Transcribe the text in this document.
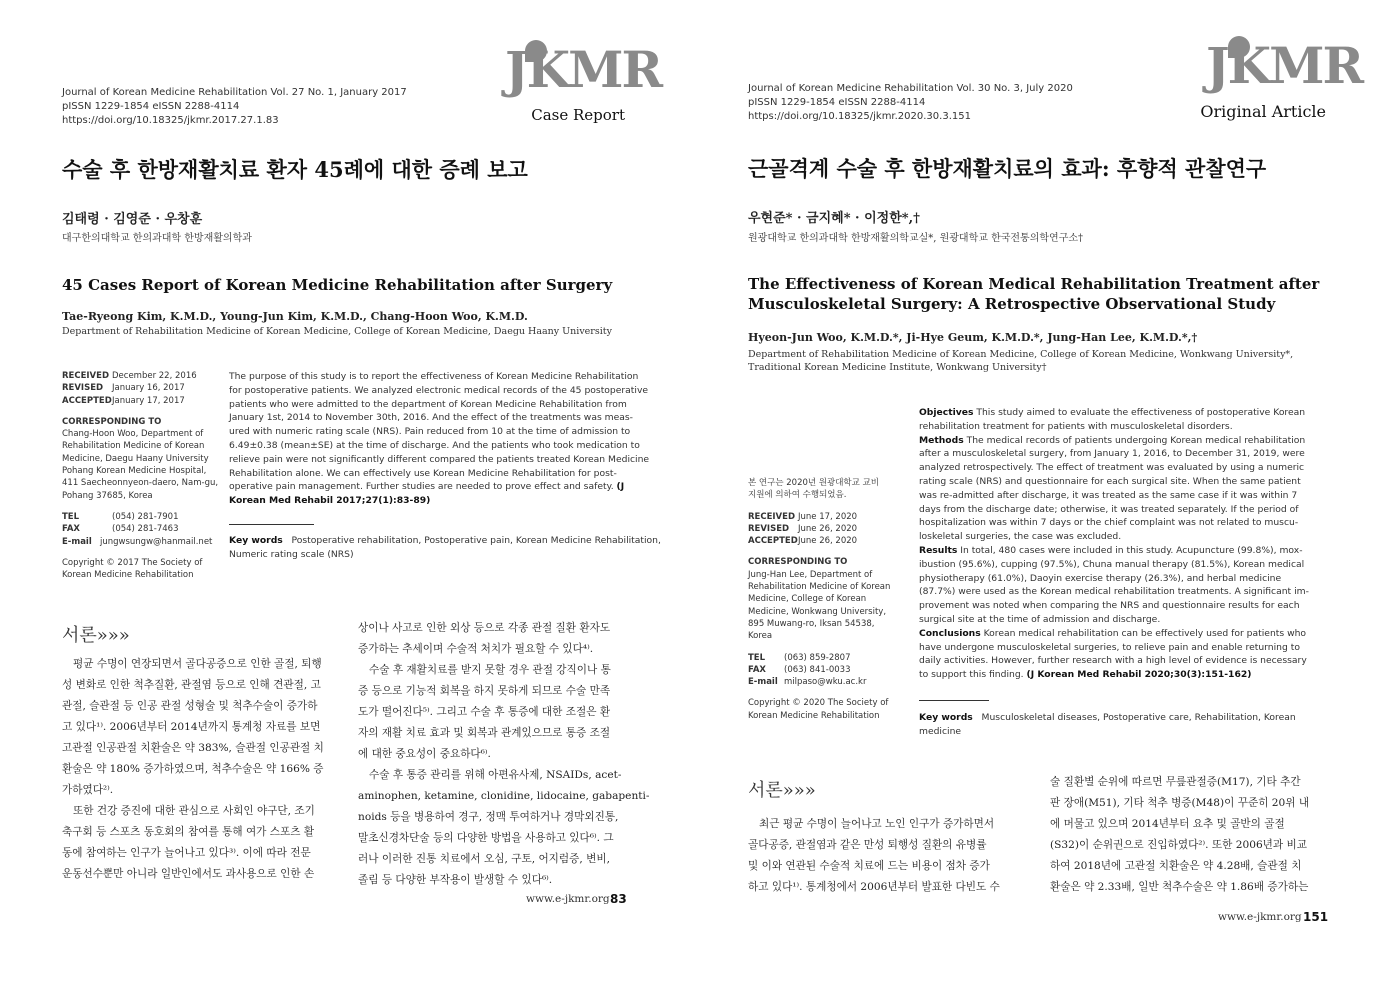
Journal of Korean Medicine Rehabilitation Vol. 27 No. 1, January 2017
pISSN 1229-1854 eISSN 2288-4114
https://doi.org/10.18325/jkmr.2017.27.1.83
JKMR
Case Report
수술 후 한방재활치료 환자 45례에 대한 증례 보고
김태령 · 김영준 · 우창훈
대구한의대학교 한의과대학 한방재활의학과
45 Cases Report of Korean Medicine Rehabilitation after Surgery
Tae-Ryeong Kim, K.M.D., Young-Jun Kim, K.M.D., Chang-Hoon Woo, K.M.D.
Department of Rehabilitation Medicine of Korean Medicine, College of Korean Medicine, Daegu Haany University
RECEIVED December 22, 2016
REVISED January 16, 2017
ACCEPTEDJanuary 17, 2017
CORRESPONDING TO
Chang-Hoon Woo, Department of
Rehabilitation Medicine of Korean
Medicine, Daegu Haany University
Pohang Korean Medicine Hospital,
411 Saecheonnyeon-daero, Nam-gu,
Pohang 37685, Korea
TEL	(054) 281-7901
FAX	(054) 281-7463
E-mail jungwsungw@hanmail.net
Copyright © 2017 The Society of
Korean Medicine Rehabilitation
The purpose of this study is to report the effectiveness of Korean Medicine Rehabilitation
for postoperative patients. We analyzed electronic medical records of the 45 postoperative
patients who were admitted to the department of Korean Medicine Rehabilitation from
January 1st, 2014 to November 30th, 2016. And the effect of the treatments was meas-
ured with numeric rating scale (NRS). Pain reduced from 10 at the time of admission to
6.49±0.38 (mean±SE) at the time of discharge. And the patients who took medication to
relieve pain were not significantly different compared the patients treated Korean Medicine
Rehabilitation alone. We can effectively use Korean Medicine Rehabilitation for post-
operative pain management. Further studies are needed to prove effect and safety. (J
Korean Med Rehabil 2017;27(1):83-89)
Key words Postoperative rehabilitation, Postoperative pain, Korean Medicine Rehabilitation,
Numeric rating scale (NRS)
서론»»»
평균 수명이 연장되면서 골다공증으로 인한 골절, 퇴행
성 변화로 인한 척추질환, 관절염 등으로 인해 견관절, 고
관절, 슬관절 등 인공 관절 성형술 및 척추수술이 증가하
고 있다¹⁾. 2006년부터 2014년까지 통계청 자료를 보면
고관절 인공관절 치환술은 약 383%, 슬관절 인공관절 치
환술은 약 180% 증가하였으며, 척추수술은 약 166% 증
가하였다²⁾.
또한 건강 증진에 대한 관심으로 사회인 야구단, 조기
축구회 등 스포츠 동호회의 참여를 통해 여가 스포츠 활
동에 참여하는 인구가 늘어나고 있다³⁾. 이에 따라 전문
운동선수뿐만 아니라 일반인에서도 과사용으로 인한 손
상이나 사고로 인한 외상 등으로 각종 관절 질환 환자도
증가하는 추세이며 수술적 처치가 필요할 수 있다⁴⁾.
수술 후 재활치료를 받지 못할 경우 관절 강직이나 통
증 등으로 기능적 회복을 하지 못하게 되므로 수술 만족
도가 떨어진다⁵⁾. 그리고 수술 후 통증에 대한 조절은 환
자의 재활 치료 효과 및 회복과 관계있으므로 통증 조절
에 대한 중요성이 중요하다⁶⁾.
수술 후 통증 관리를 위해 아편유사제, NSAIDs, acet-
aminophen, ketamine, clonidine, lidocaine, gabapenti-
noids 등을 병용하여 경구, 정맥 투여하거나 경막외진통,
말초신경차단술 등의 다양한 방법을 사용하고 있다⁶⁾. 그
러나 이러한 진통 치료에서 오심, 구토, 어지럼증, 변비,
졸림 등 다양한 부작용이 발생할 수 있다⁶⁾.
www.e-jkmr.org 83
Journal of Korean Medicine Rehabilitation Vol. 30 No. 3, July 2020
pISSN 1229-1854 eISSN 2288-4114
https://doi.org/10.18325/jkmr.2020.30.3.151
JKMR
Original Article
근골격계 수술 후 한방재활치료의 효과: 후향적 관찰연구
우현준* · 금지혜* · 이정한*,†
원광대학교 한의과대학 한방재활의학교실*, 원광대학교 한국전통의학연구소†
The Effectiveness of Korean Medical Rehabilitation Treatment after
Musculoskeletal Surgery: A Retrospective Observational Study
Hyeon-Jun Woo, K.M.D.*, Ji-Hye Geum, K.M.D.*, Jung-Han Lee, K.M.D.*,†
Department of Rehabilitation Medicine of Korean Medicine, College of Korean Medicine, Wonkwang University*,
Traditional Korean Medicine Institute, Wonkwang University†
본 연구는 2020년 원광대학교 교비
지원에 의하여 수행되었음.
RECEIVED June 17, 2020
REVISED June 26, 2020
ACCEPTEDJune 26, 2020
CORRESPONDING TO
Jung-Han Lee, Department of
Rehabilitation Medicine of Korean
Medicine, College of Korean
Medicine, Wonkwang University,
895 Muwang-ro, Iksan 54538,
Korea
TEL (063) 859-2807
FAX (063) 841-0033
E-mail milpaso@wku.ac.kr
Copyright © 2020 The Society of
Korean Medicine Rehabilitation
Objectives This study aimed to evaluate the effectiveness of postoperative Korean
rehabilitation treatment for patients with musculoskeletal disorders.
Methods The medical records of patients undergoing Korean medical rehabilitation
after a musculoskeletal surgery, from January 1, 2016, to December 31, 2019, were
analyzed retrospectively. The effect of treatment was evaluated by using a numeric
rating scale (NRS) and questionnaire for each surgical site. When the same patient
was re-admitted after discharge, it was treated as the same case if it was within 7
days from the discharge date; otherwise, it was treated separately. If the period of
hospitalization was within 7 days or the chief complaint was not related to muscu-
loskeletal surgeries, the case was excluded.
Results In total, 480 cases were included in this study. Acupuncture (99.8%), mox-
ibustion (95.6%), cupping (97.5%), Chuna manual therapy (81.5%), Korean medical
physiotherapy (61.0%), Daoyin exercise therapy (26.3%), and herbal medicine
(87.7%) were used as the Korean medical rehabilitation treatments. A significant im-
provement was noted when comparing the NRS and questionnaire results for each
surgical site at the time of admission and discharge.
Conclusions Korean medical rehabilitation can be effectively used for patients who
have undergone musculoskeletal surgeries, to relieve pain and enable returning to
daily activities. However, further research with a high level of evidence is necessary
to support this finding. (J Korean Med Rehabil 2020;30(3):151-162)
Key words Musculoskeletal diseases, Postoperative care, Rehabilitation, Korean
medicine
서론»»»
최근 평균 수명이 늘어나고 노인 인구가 증가하면서
골다공증, 관절염과 같은 만성 퇴행성 질환의 유병률
및 이와 연관된 수술적 치료에 드는 비용이 점차 증가
하고 있다¹⁾. 통계청에서 2006년부터 발표한 다빈도 수
술 질환별 순위에 따르면 무릎관절증(M17), 기타 추간
판 장애(M51), 기타 척추 병증(M48)이 꾸준히 20위 내
에 머물고 있으며 2014년부터 요추 및 골반의 골절
(S32)이 순위권으로 진입하였다²⁾. 또한 2006년과 비교
하여 2018년에 고관절 치환술은 약 4.28배, 슬관절 치
환술은 약 2.33배, 일반 척추수술은 약 1.86배 증가하는
www.e-jkmr.org 151
